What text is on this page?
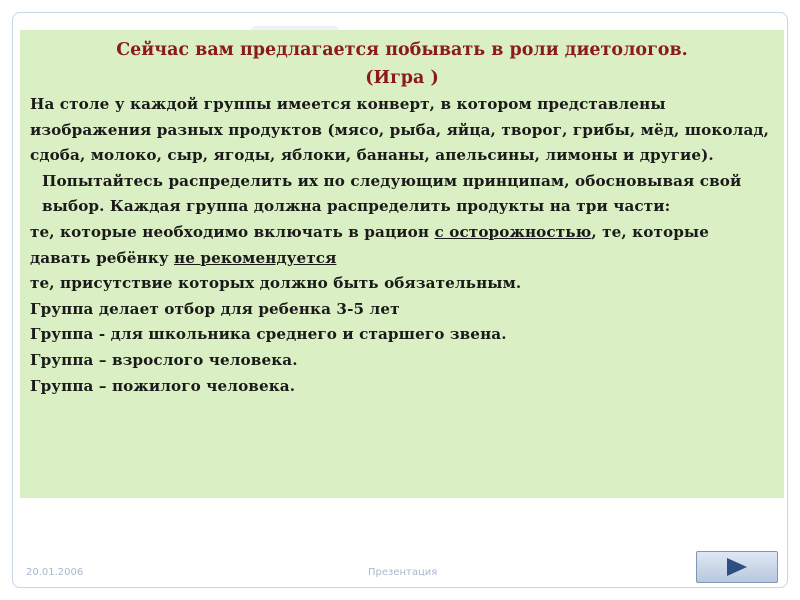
Сейчас вам предлагается побывать в роли диетологов.
(Игра )

На столе у каждой группы имеется конверт, в котором представлены изображения разных продуктов (мясо, рыба, яйца, творог, грибы, мёд, шоколад, сдоба, молоко, сыр, ягоды, яблоки, бананы, апельсины, лимоны и другие).

Попытайтесь распределить их по следующим принципам, обосновывая свой выбор. Каждая группа должна распределить продукты на три части:

те, которые необходимо включать в рацион с осторожностью, те, которые давать ребёнку не рекомендуется

те, присутствие которых должно быть обязательным.

Группа делает отбор для ребенка 3-5 лет

Группа - для школьника среднего и старшего звена.

Группа – взрослого человека.

Группа – пожилого человека.

20.01.2006	Презентация
